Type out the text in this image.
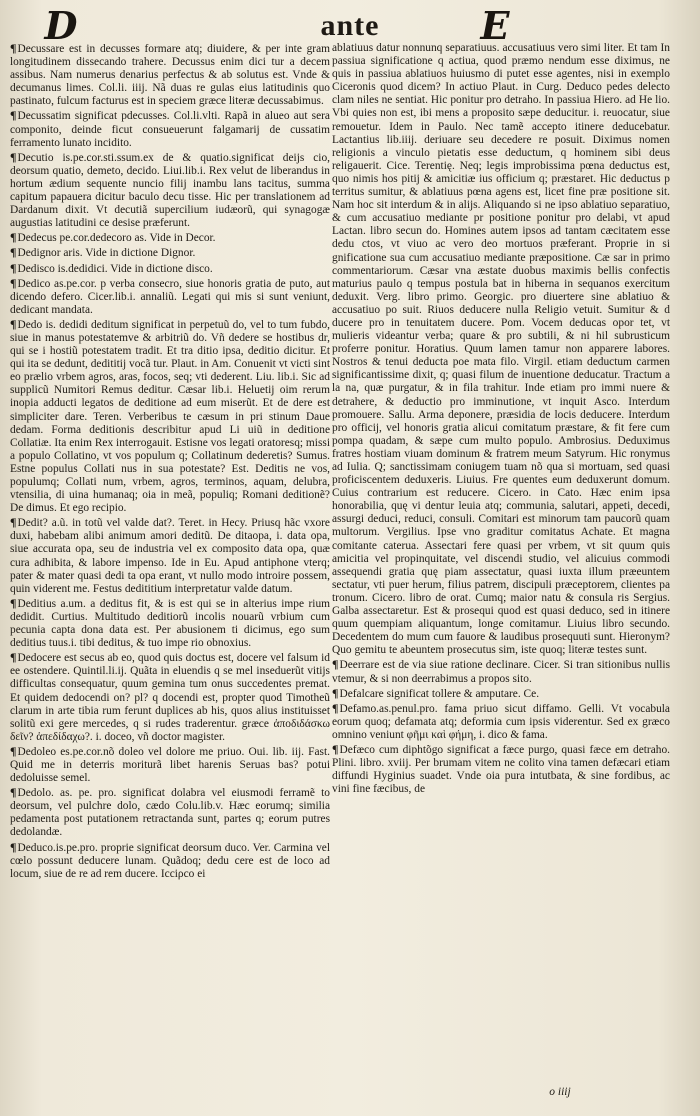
D	ante	E

¶Decussare est in decusses formare atq; diuidere, & per inte gram longitudinem dissecando trahere. Decussus enim dici tur a decem assibus. Nam numerus denarius perfectus & ab solutus est. Vnde & decumanus limes. Col.li. iiij. Nã duas re gulas eius latitudinis quo pastinato, fulcum facturus est in speciem græce literæ decussabimus.

¶Decussatim significat pdecusses. Col.li.vlti. Rapã in alueo aut sera componito, deinde ficut consueuerunt falgamarij de cussatim ferramento lunato incidito.

¶Decutio is.pe.cor.sti.ssum.ex de & quatio.significat deijs cio, deorsum quatio, demeto, decido. Liui.lib.i. Rex velut de liberandus in hortum ædium sequente nuncio filij inambu lans tacitus, summa capitum papauera dicitur baculo decu tisse. Hic per translationem ad Dardanum dixit. Vt decutiã supercilium iudæorũ, qui synagogæ augustias latitudini ce desise præferunt.

¶Dedecus pe.cor.dedecoro as. Vide in Decor.

¶Dedignor aris. Vide in dictione Dignor.

¶Dedisco is.dedidici. Vide in dictione disco.

¶Dedico as.pe.cor. p verba consecro, siue honoris gratia de puto, aut dicendo defero. Cicer.lib.i. annaliũ. Legati qui mis si sunt veniunt, dedicant mandata.

¶Dedo is. dedidi deditum significat in perpetuũ do, vel to tum fubdo, siue in manus potestatemve & arbitriũ do. Vñ dedere se hostibus dr, qui se i hostiũ potestatem tradit. Et tra ditio ipsa, deditio dicitur. Et qui ita se dedunt, dedititij vocã tur. Plaut. in Am. Conuenit vt victi sint eo prælio vrbem agros, aras, focos, seq; vti dederent. Liu. lib.i. Sic ad supplicũ Numitori Remus deditur. Cæsar lib.i. Heluetij oim rerum inopia adducti legatos de deditione ad eum miserũt. Et de dere est simpliciter dare. Teren. Verberibus te cæsum in pri stinum Daue dedam. Forma deditionis describitur apud Li uiũ in deditione Collatiæ. Ita enim Rex interrogauit. Estisne vos legati oratoresq; missi a populo Collatino, vt vos populum q; Collatinum dederetis? Sumus. Estne populus Collati nus in sua potestate? Est. Deditis ne vos, populumq; Collati num, vrbem, agros, terminos, aquam, delubra, vtensilia, di uina humanaq; oia in meã, populiq; Romani deditionẽ? De dimus. Et ego recipio.

¶Dedit? a.ũ. in totũ vel valde dat?. Teret. in Hecy. Priusq hãc vxore duxi, habebam alibi animum amori deditũ. De ditaopa, i. data opa, siue accurata opa, seu de industria vel ex composito data opa, quæ cura adhibita, & labore impenso. Ide in Eu. Apud antiphone vterq; pater & mater quasi dedi ta opa erant, vt nullo modo introire possem, quin viderent me. Festus dedititium interpretatur valde datum.

¶Deditius a.um. a deditus fit, & is est qui se in alterius impe rium dedidit. Curtius. Multitudo deditiorũ incolis nouarũ vrbium cum pecunia capta dona data est. Per abusionem ti dicimus, ego sum deditius tuus.i. tibi deditus, & tuo impe rio obnoxius.

¶Dedocere est secus ab eo, quod quis doctus est, docere vel falsum id ee ostendere. Quintil.li.ij. Quãta in eluendis q se mel inseduerũt vitijs difficultas consequatur, quum gemina tum onus succedentes premat. Et quidem dedocendi on? pl? q docendi est, propter quod Timotheũ clarum in arte tibia rum ferunt duplices ab his, quos alius instituisset solitũ exi gere mercedes, q si rudes traderentur. græce ἀποδιδάσκω δεῖν? ἀπεδίδαχω?. i. doceo, vñ doctor magister.

¶Dedoleo es.pe.cor.nõ doleo vel dolore me priuo. Oui. lib. iij. Fast. Quid me in deterris moriturã libet harenis Seruas bas? potui dedoluisse semel.

¶Dedolo. as. pe. pro. significat dolabra vel eiusmodi ferramẽ to deorsum, vel pulchre dolo, cædo Colu.lib.v. Hæc eorumq; similia pedamenta post putationem retractanda sunt, partes q; eorum putres dedolandæ.

¶Deduco.is.pe.pro. proprie significat deorsum duco. Ver. Carmina vel cœlo possunt deducere lunam. Quãdoq; dedu cere est de loco ad locum, siue de re ad rem ducere. Icciρco ei

ablatiuus datur nonnunq separatiuus. accusatiuus vero simi liter. Et tam In passiua significatione q actiua, quod præmo nendum esse diximus, ne quis in passiua ablatiuos huiusmo di putet esse agentes, nisi in exemplo Ciceronis quod dicem? In actiuo Plaut. in Curg. Deduco pedes delecto clam niles ne sentiat. Hic ponitur pro detraho. In passiua Hiero. ad He lio. Vbi quies non est, ibi mens a proposito sæpe deducitur. i. reuocatur, siue remouetur. Idem in Paulo. Nec tamẽ accepto itinere deducebatur. Lactantius lib.iiij. deriuare seu decedere re posuit. Diximus nomen religionis a vinculo pietatis esse deductum, q hominem sibi deus religauerit. Cice. Terentię. Neq; legis improbissima pœna deductus est, quo nimis hos pitij & amicitiæ ius officium q; præstaret. Hic deductus p territus sumitur, & ablatiuus pœna agens est, licet fine præ positione sit. Nam hoc sit interdum & in alijs. Aliquando si ne ipso ablatiuo separatiuo, & cum accusatiuo mediante pr positione ponitur pro delabi, vt apud Lactan. libro secun do. Homines autem ipsos ad tantam cæcitatem esse dedu ctos, vt viuo ac vero deo mortuos præferant. Proprie in si gnificatione sua cum accusatiuo mediante præpositione. Cæ sar in primo commentariorum. Cæsar vna æstate duobus maximis bellis confectis maturius paulo q tempus postula bat in hiberna in sequanos exercitum deduxit. Verg. libro primo. Georgic. pro diuertere sine ablatiuo & accusatiuo po suit. Riuos deducere nulla Religio vetuit. Sumitur & d ducere pro in tenuitatem ducere. Pom. Vocem deducas opor tet, vt mulieris videantur verba; quare & pro subtili, & ni hil subrusticum proferre ponitur. Horatius. Quum lamen tamur non apparere labores. Nostros & tenui deducta poe mata filo. Virgil. etiam deductum carmen significantissime dixit, q; quasi filum de inuentione deducatur. Tractum a la na, quæ purgatur, & in fila trahitur. Inde etiam pro immi nuere & detrahere, & deductio pro imminutione, vt inquit Asco. Interdum promouere. Sallu. Arma deponere, præsidia de locis deducere. Interdum pro officij, vel honoris gratia alicui comitatum præstare, & fit fere cum pompa quadam, & sæpe cum multo populo. Ambrosius. Deduximus fratres hostiam viuam dominum & fratrem meum Satyrum. Hic ronymus ad Iulia. Q; sanctissimam coniugem tuam nõ qua si mortuam, sed quasi proficiscentem deduxeris. Liuius. Fre quentes eum deduxerunt domum. Cuius contrarium est reducere. Cicero. in Cato. Hæc enim ipsa honorabilia, quę vi dentur leuia atq; communia, salutari, appeti, decedi, assurgi deduci, reduci, consuli. Comitari est minorum tam paucorũ quam multorum. Vergilius. Ipse vno graditur comitatus Achate. Et magna comitante caterua. Assectari fere quasi per vrbem, vt sit quum quis amicitia vel propinquitate, vel discendi studio, vel alicuius commodi assequendi gratia quę piam assectatur, quasi iuxta illum præeuntem sectatur, vti puer herum, filius patrem, discipuli præceptorem, clientes pa tronum. Cicero. libro de orat. Cumq; maior natu & consula ris Sergius. Galba assectaretur. Est & prosequi quod est quasi deduco, sed in itinere quum quempiam aliquantum, longe comitamur. Liuius libro secundo. Decedentem do mum cum fauore & laudibus prosequuti sunt. Hieronym? Quo gemitu te abeuntem prosecutus sim, iste quoq; literæ testes sunt.

¶Deerrare est de via siue ratione declinare. Cicer. Si tran sitionibus nullis vtemur, & si non deerrabimus a propos sito.

¶Defalcare significat tollere & amputare. Ce.

¶Defamo.as.penul.pro. fama priuo sicut diffamo. Gelli. Vt vocabula eorum quoq; defamata atq; deformia cum ipsis viderentur. Sed ex græco omnino veniunt φῆμι καὶ φήμη, i. dico & fama.

¶Defæco cum diphtõgo significat a fæce purgo, quasi fæce em detraho. Plini. libro. xviij. Per brumam vitem ne colito vina tamen defæcari etiam diffundi Hyginius suadet. Vnde oia pura intutbata, & sine fordibus, ac vini fine fæcibus, de

o iiij
